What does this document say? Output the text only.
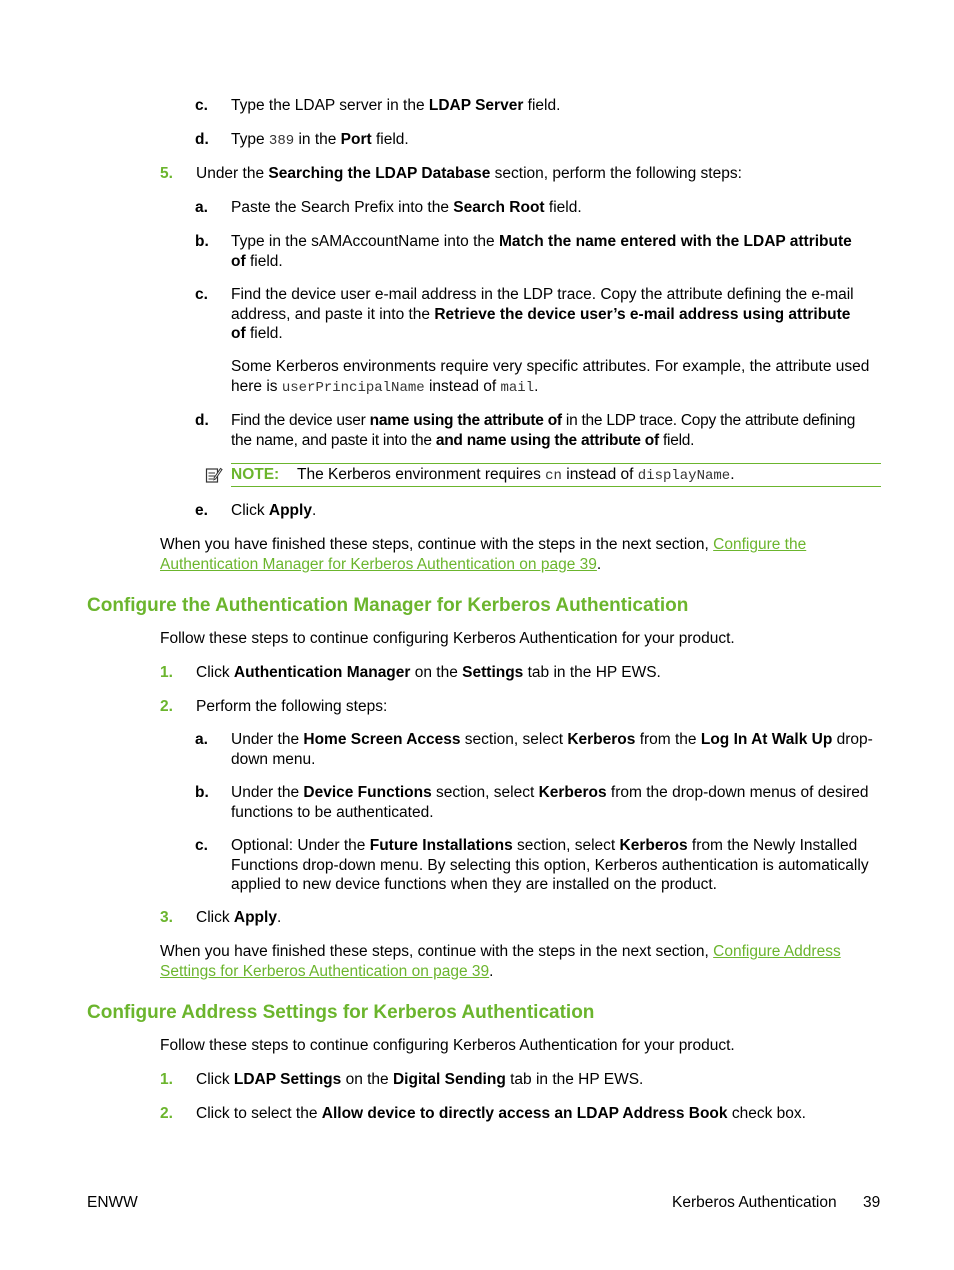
c. Type the LDAP server in the LDAP Server field.
d. Type 389 in the Port field.
5. Under the Searching the LDAP Database section, perform the following steps:
a. Paste the Search Prefix into the Search Root field.
b. Type in the sAMAccountName into the Match the name entered with the LDAP attribute
of field.
c. Find the device user e-mail address in the LDP trace. Copy the attribute defining the e-mail
address, and paste it into the Retrieve the device user’s e-mail address using attribute
of field.
Some Kerberos environments require very specific attributes. For example, the attribute used
here is userPrincipalName instead of mail.
d. Find the device user name using the attribute of in the LDP trace. Copy the attribute defining
the name, and paste it into the and name using the attribute of field.
NOTE: The Kerberos environment requires cn instead of displayName.
e. Click Apply.
When you have finished these steps, continue with the steps in the next section, Configure the
Authentication Manager for Kerberos Authentication on page 39.
Configure the Authentication Manager for Kerberos Authentication
Follow these steps to continue configuring Kerberos Authentication for your product.
1. Click Authentication Manager on the Settings tab in the HP EWS.
2. Perform the following steps:
a. Under the Home Screen Access section, select Kerberos from the Log In At Walk Up drop-
down menu.
b. Under the Device Functions section, select Kerberos from the drop-down menus of desired
functions to be authenticated.
c. Optional: Under the Future Installations section, select Kerberos from the Newly Installed
Functions drop-down menu. By selecting this option, Kerberos authentication is automatically
applied to new device functions when they are installed on the product.
3. Click Apply.
When you have finished these steps, continue with the steps in the next section, Configure Address
Settings for Kerberos Authentication on page 39.
Configure Address Settings for Kerberos Authentication
Follow these steps to continue configuring Kerberos Authentication for your product.
1. Click LDAP Settings on the Digital Sending tab in the HP EWS.
2. Click to select the Allow device to directly access an LDAP Address Book check box.
ENWW	Kerberos Authentication 39
